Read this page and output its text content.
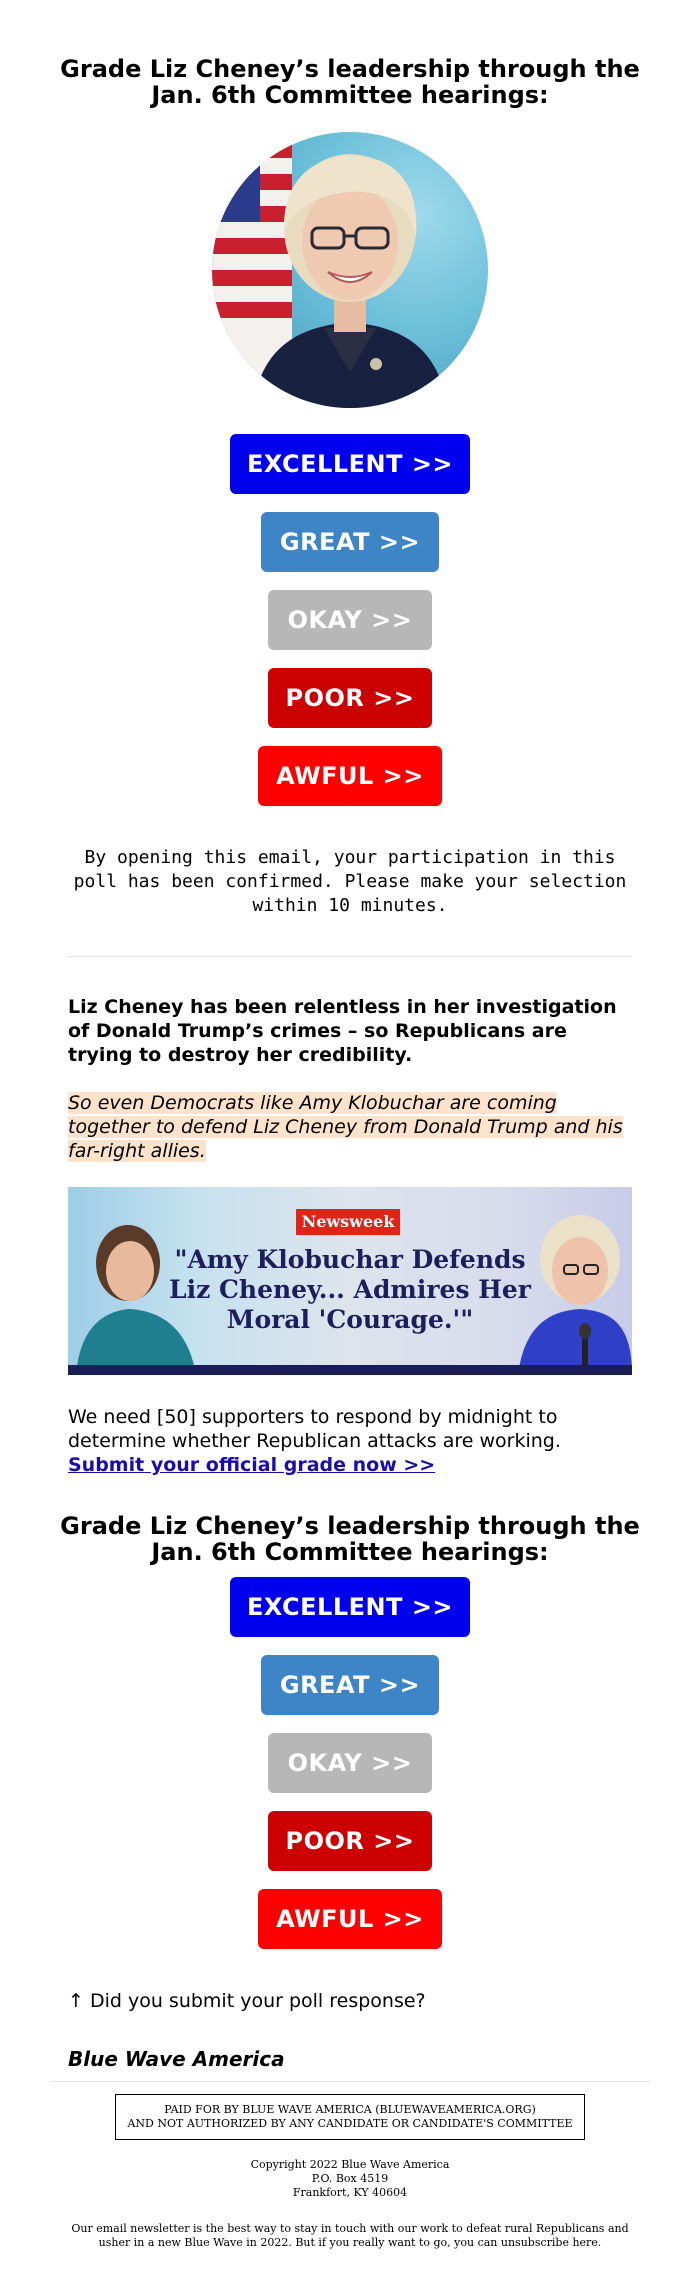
Grade Liz Cheney’s leadership through the Jan. 6th Committee hearings:
EXCELLENT >>
GREAT >>
OKAY >>
POOR >>
AWFUL >>

By opening this email, your participation in this poll has been confirmed. Please make your selection within 10 minutes.

Liz Cheney has been relentless in her investigation of Donald Trump’s crimes – so Republicans are trying to destroy her credibility.

So even Democrats like Amy Klobuchar are coming together to defend Liz Cheney from Donald Trump and his far-right allies.

Newsweek
"Amy Klobuchar Defends Liz Cheney... Admires Her Moral 'Courage.'"

We need [50] supporters to respond by midnight to determine whether Republican attacks are working. Submit your official grade now >>

Grade Liz Cheney’s leadership through the Jan. 6th Committee hearings:
EXCELLENT >>
GREAT >>
OKAY >>
POOR >>
AWFUL >>

↑ Did you submit your poll response?

Blue Wave America

PAID FOR BY BLUE WAVE AMERICA (BLUEWAVEAMERICA.ORG)
AND NOT AUTHORIZED BY ANY CANDIDATE OR CANDIDATE'S COMMITTEE
Copyright 2022 Blue Wave America
P.O. Box 4519
Frankfort, KY 40604

Our email newsletter is the best way to stay in touch with our work to defeat rural Republicans and usher in a new Blue Wave in 2022. But if you really want to go, you can unsubscribe here.
